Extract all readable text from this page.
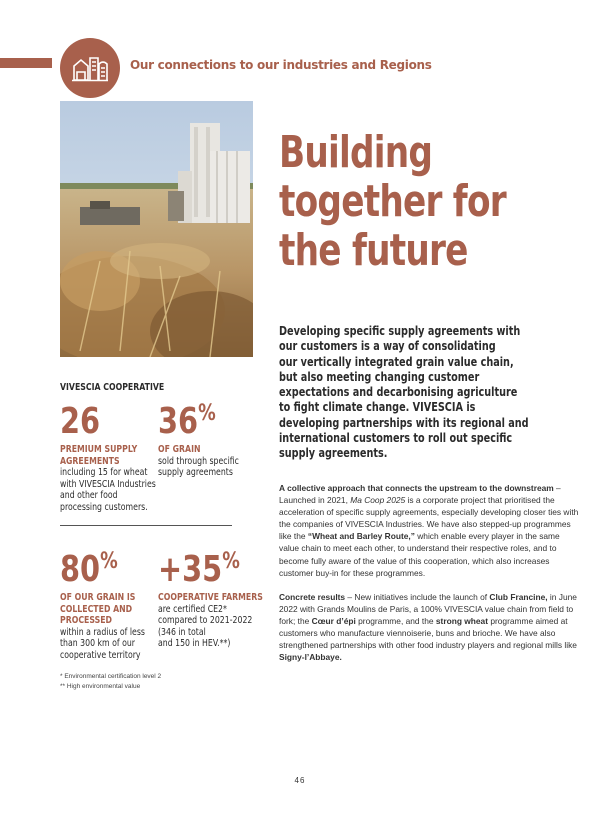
Our connections to our industries and Regions
Building
together for
the future
Developing specific supply agreements with
our customers is a way of consolidating
our vertically integrated grain value chain,
but also meeting changing customer
expectations and decarbonising agriculture
to fight climate change. VIVESCIA is
developing partnerships with its regional and
international customers to roll out specific
supply agreements.

A collective approach that connects the upstream to the downstream – Launched in 2021, Ma Coop 2025 is a corporate project that prioritised the acceleration of specific supply agreements, especially developing closer ties with the companies of VIVESCIA Industries. We have also stepped-up programmes like the “Wheat and Barley Route,” which enable every player in the same value chain to meet each other, to understand their respective roles, and to become fully aware of the value of this cooperation, which also increases customer buy-in for these programmes.

Concrete results – New initiatives include the launch of Club Francine, in June 2022 with Grands Moulins de Paris, a 100% VIVESCIA value chain from field to fork; the Cœur d’épi programme, and the strong wheat programme aimed at customers who manufacture viennoiserie, buns and brioche. We have also strengthened partnerships with other food industry players and regional mills like Signy-l’Abbaye.

VIVESCIA COOPERATIVE
26
PREMIUM SUPPLY
AGREEMENTS
including 15 for wheat
with VIVESCIA Industries
and other food
processing customers.
36%
OF GRAIN
sold through specific
supply agreements
80%
OF OUR GRAIN IS
COLLECTED AND
PROCESSED
within a radius of less
than 300 km of our
cooperative territory
+35%
COOPERATIVE FARMERS
are certified CE2*
compared to 2021-2022
(346 in total
and 150 in HEV.**)
* Environmental certification level 2
** High environmental value
46
